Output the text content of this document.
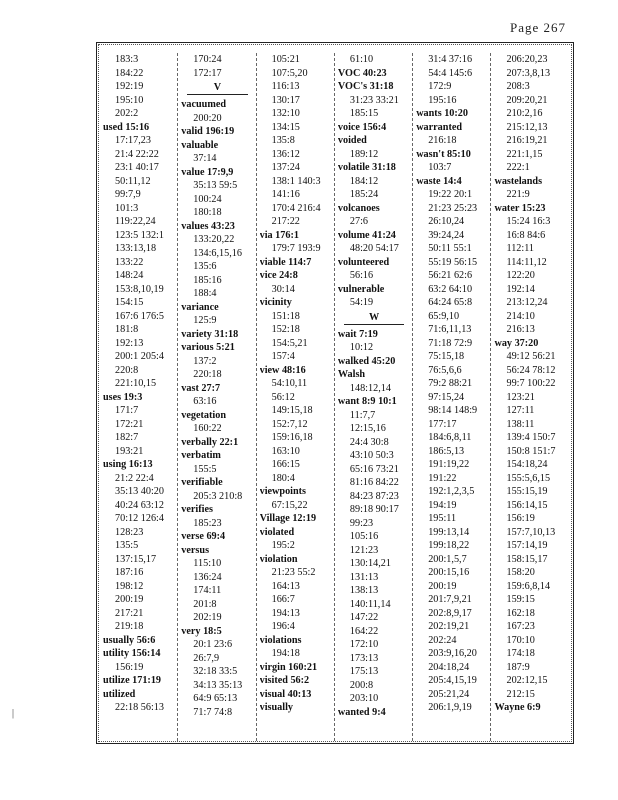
Page 267
183:3
184:22
192:19
195:10
202:2
used 15:16
17:17,23
21:4 22:22
23:1 40:17
50:11,12
99:7,9
101:3
119:22,24
123:5 132:1
133:13,18
133:22
148:24
153:8,10,19
154:15
167:6 176:5
181:8
192:13
200:1 205:4
220:8
221:10,15
uses 19:3
171:7
172:21
182:7
193:21
using 16:13
21:2 22:4
35:13 40:20
40:24 63:12
70:12 126:4
128:23
135:5
137:15,17
187:16
198:12
200:19
217:21
219:18
usually 56:6
utility 156:14
156:19
utilize 171:19
utilized
22:18 56:13
170:24
172:17
V
vacuumed
200:20
valid 196:19
valuable
37:14
value 17:9,9
35:13 59:5
100:24
180:18
values 43:23
133:20,22
134:6,15,16
135:6
185:16
188:4
variance
125:9
variety 31:18
various 5:21
137:2
220:18
vast 27:7
63:16
vegetation
160:22
verbally 22:1
verbatim
155:5
verifiable
205:3 210:8
verifies
185:23
verse 69:4
versus
115:10
136:24
174:11
201:8
202:19
very 18:5
20:1 23:6
26:7,9
32:18 33:5
34:13 35:13
64:9 65:13
71:7 74:8
105:21
107:5,20
116:13
130:17
132:10
134:15
135:8
136:12
137:24
138:1 140:3
141:16
170:4 216:4
217:22
via 176:1
179:7 193:9
viable 114:7
vice 24:8
30:14
vicinity
151:18
152:18
154:5,21
157:4
view 48:16
54:10,11
56:12
149:15,18
152:7,12
159:16,18
163:10
166:15
180:4
viewpoints
67:15,22
Village 12:19
violated
195:2
violation
21:23 55:2
164:13
166:7
194:13
196:4
violations
194:18
virgin 160:21
visited 56:2
visual 40:13
visually
61:10
VOC 40:23
VOC's 31:18
31:23 33:21
185:15
voice 156:4
voided
189:12
volatile 31:18
184:12
185:24
volcanoes
27:6
volume 41:24
48:20 54:17
volunteered
56:16
vulnerable
54:19
W
wait 7:19
10:12
walked 45:20
Walsh
148:12,14
want 8:9 10:1
11:7,7
12:15,16
24:4 30:8
43:10 50:3
65:16 73:21
81:16 84:22
84:23 87:23
89:18 90:17
99:23
105:16
121:23
130:14,21
131:13
138:13
140:11,14
147:22
164:22
172:10
173:13
175:13
200:8
203:10
wanted 9:4
31:4 37:16
54:4 145:6
172:9
195:16
wants 10:20
warranted
216:18
wasn't 85:10
103:7
waste 14:4
19:22 20:1
21:23 25:23
26:10,24
39:24,24
50:11 55:1
55:19 56:15
56:21 62:6
63:2 64:10
64:24 65:8
65:9,10
71:6,11,13
71:18 72:9
75:15,18
76:5,6,6
79:2 88:21
97:15,24
98:14 148:9
177:17
184:6,8,11
186:5,13
191:19,22
191:22
192:1,2,3,5
194:19
195:11
199:13,14
199:18,22
200:1,5,7
200:15,16
200:19
201:7,9,21
202:8,9,17
202:19,21
202:24
203:9,16,20
204:18,24
205:4,15,19
205:21,24
206:1,9,19
206:20,23
207:3,8,13
208:3
209:20,21
210:2,16
215:12,13
216:19,21
221:1,15
222:1
wastelands
221:9
water 15:23
15:24 16:3
16:8 84:6
112:11
114:11,12
122:20
192:14
213:12,24
214:10
216:13
way 37:20
49:12 56:21
56:24 78:12
99:7 100:22
123:21
127:11
138:11
139:4 150:7
150:8 151:7
154:18,24
155:5,6,15
155:15,19
156:14,15
156:19
157:7,10,13
157:14,19
158:15,17
158:20
159:6,8,14
159:15
162:18
167:23
170:10
174:18
187:9
202:12,15
212:15
Wayne 6:9
|
